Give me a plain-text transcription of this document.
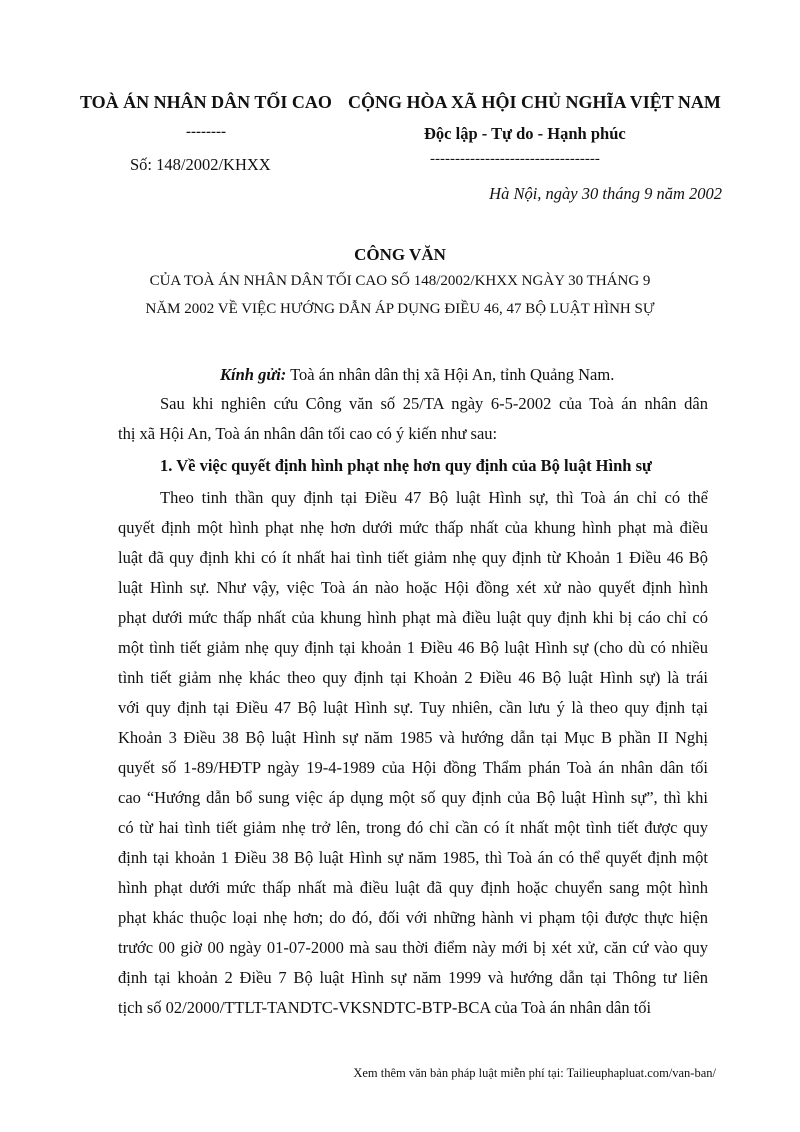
TOÀ ÁN NHÂN DÂN TỐI CAO CỘNG HÒA XÃ HỘI CHỦ NGHĨA VIỆT NAM
--------	Độc lập - Tự do - Hạnh phúc
Số: 148/2002/KHXX	----------------------------------
Hà Nội, ngày 30 tháng 9 năm 2002
CÔNG VĂN
CỦA TOÀ ÁN NHÂN DÂN TỐI CAO SỐ 148/2002/KHXX NGÀY 30 THÁNG 9
NĂM 2002 VỀ VIỆC HƯỚNG DẪN ÁP DỤNG ĐIỀU 46, 47 BỘ LUẬT HÌNH SỰ
Kính gửi: Toà án nhân dân thị xã Hội An, tỉnh Quảng Nam.
Sau khi nghiên cứu Công văn số 25/TA ngày 6-5-2002 của Toà án nhân dân
thị xã Hội An, Toà án nhân dân tối cao có ý kiến như sau:
1. Về việc quyết định hình phạt nhẹ hơn quy định của Bộ luật Hình sự
Theo tinh thần quy định tại Điều 47 Bộ luật Hình sự, thì Toà án chỉ có thể
quyết định một hình phạt nhẹ hơn dưới mức thấp nhất của khung hình phạt mà điều
luật đã quy định khi có ít nhất hai tình tiết giảm nhẹ quy định từ Khoản 1 Điều 46 Bộ
luật Hình sự. Như vậy, việc Toà án nào hoặc Hội đồng xét xử nào quyết định hình
phạt dưới mức thấp nhất của khung hình phạt mà điều luật quy định khi bị cáo chỉ có
một tình tiết giảm nhẹ quy định tại khoản 1 Điều 46 Bộ luật Hình sự (cho dù có nhiều
tình tiết giảm nhẹ khác theo quy định tại Khoản 2 Điều 46 Bộ luật Hình sự) là trái
với quy định tại Điều 47 Bộ luật Hình sự. Tuy nhiên, cần lưu ý là theo quy định tại
Khoản 3 Điều 38 Bộ luật Hình sự năm 1985 và hướng dẫn tại Mục B phần II Nghị
quyết số 1-89/HĐTP ngày 19-4-1989 của Hội đồng Thẩm phán Toà án nhân dân tối
cao “Hướng dẫn bổ sung việc áp dụng một số quy định của Bộ luật Hình sự”, thì khi
có từ hai tình tiết giảm nhẹ trở lên, trong đó chỉ cần có ít nhất một tình tiết được quy
định tại khoản 1 Điều 38 Bộ luật Hình sự năm 1985, thì Toà án có thể quyết định một
hình phạt dưới mức thấp nhất mà điều luật đã quy định hoặc chuyển sang một hình
phạt khác thuộc loại nhẹ hơn; do đó, đối với những hành vi phạm tội được thực hiện
trước 00 giờ 00 ngày 01-07-2000 mà sau thời điểm này mới bị xét xử, căn cứ vào quy
định tại khoản 2 Điều 7 Bộ luật Hình sự năm 1999 và hướng dẫn tại Thông tư liên
tịch số 02/2000/TTLT-TANDTC-VKSNDTC-BTP-BCA của Toà án nhân dân tối
Xem thêm văn bản pháp luật miễn phí tại: Tailieuphapluat.com/van-ban/
